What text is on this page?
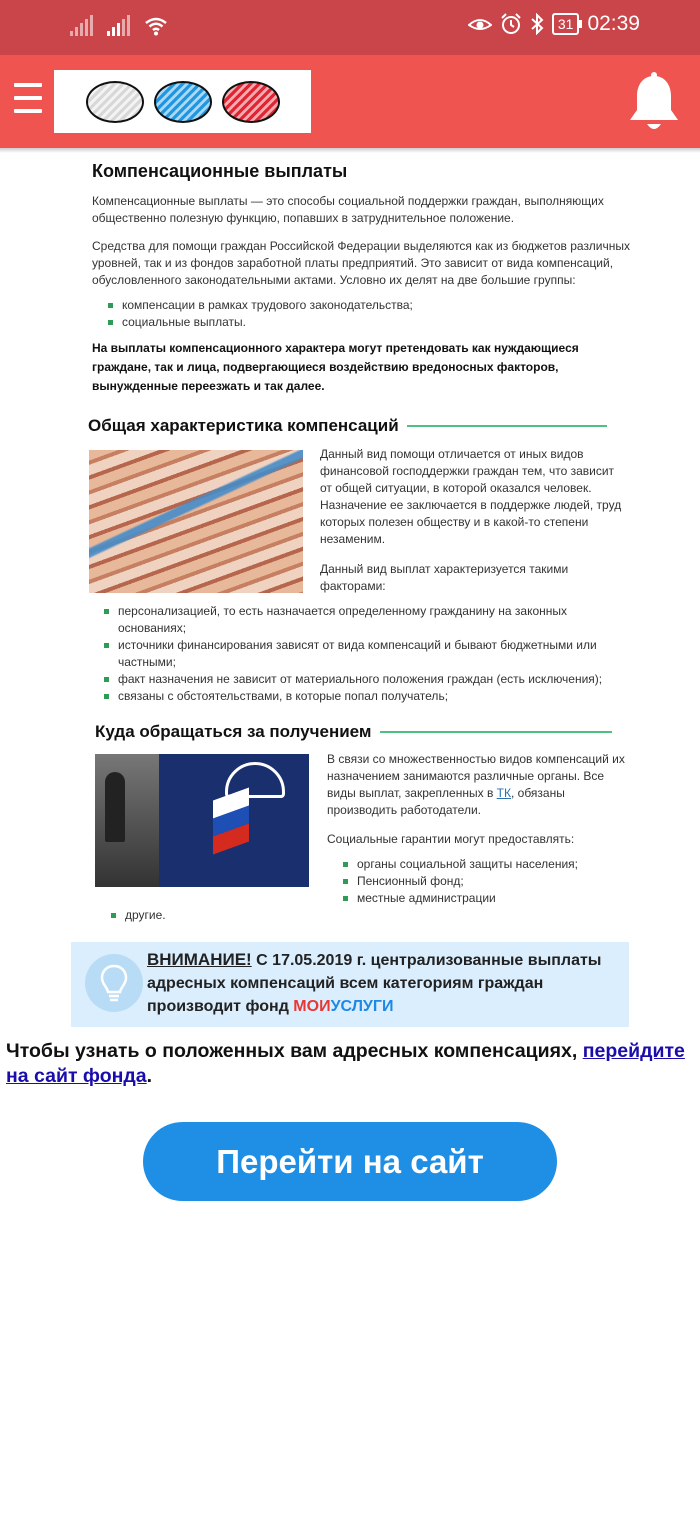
31 02:39
Компенсационные выплаты
Компенсационные выплаты — это способы социальной поддержки граждан, выполняющих
общественно полезную функцию, попавших в затруднительное положение.
Средства для помощи граждан Российской Федерации выделяются как из бюджетов различных
уровней, так и из фондов заработной платы предприятий. Это зависит от вида компенсаций,
обусловленного законодательными актами. Условно их делят на две большие группы:
компенсации в рамках трудового законодательства;
социальные выплаты.
На выплаты компенсационного характера могут претендовать как нуждающиеся
граждане, так и лица, подвергающиеся воздействию вредоносных факторов,
вынужденные переезжать и так далее.
Общая характеристика компенсаций
Данный вид помощи отличается от иных видов
финансовой господдержки граждан тем, что зависит
от общей ситуации, в которой оказался человек.
Назначение ее заключается в поддержке людей, труд
которых полезен обществу и в какой-то степени
незаменим.
Данный вид выплат характеризуется такими
факторами:
персонализацией, то есть назначается определенному гражданину на законных
основаниях;
источники финансирования зависят от вида компенсаций и бывают бюджетными или
частными;
факт назначения не зависит от материального положения граждан (есть исключения);
связаны с обстоятельствами, в которые попал получатель;
Куда обращаться за получением
В связи со множественностью видов компенсаций их
назначением занимаются различные органы. Все
виды выплат, закрепленных в ТК, обязаны
производить работодатели.
Социальные гарантии могут предоставлять:
органы социальной защиты населения;
Пенсионный фонд;
местные администрации
другие.
ВНИМАНИЕ! С 17.05.2019 г. централизованные выплаты
адресных компенсаций всем категориям граждан
производит фонд МОИУСЛУГИ
Чтобы узнать о положенных вам адресных компенсациях, перейдите на сайт фонда.
Перейти на сайт
